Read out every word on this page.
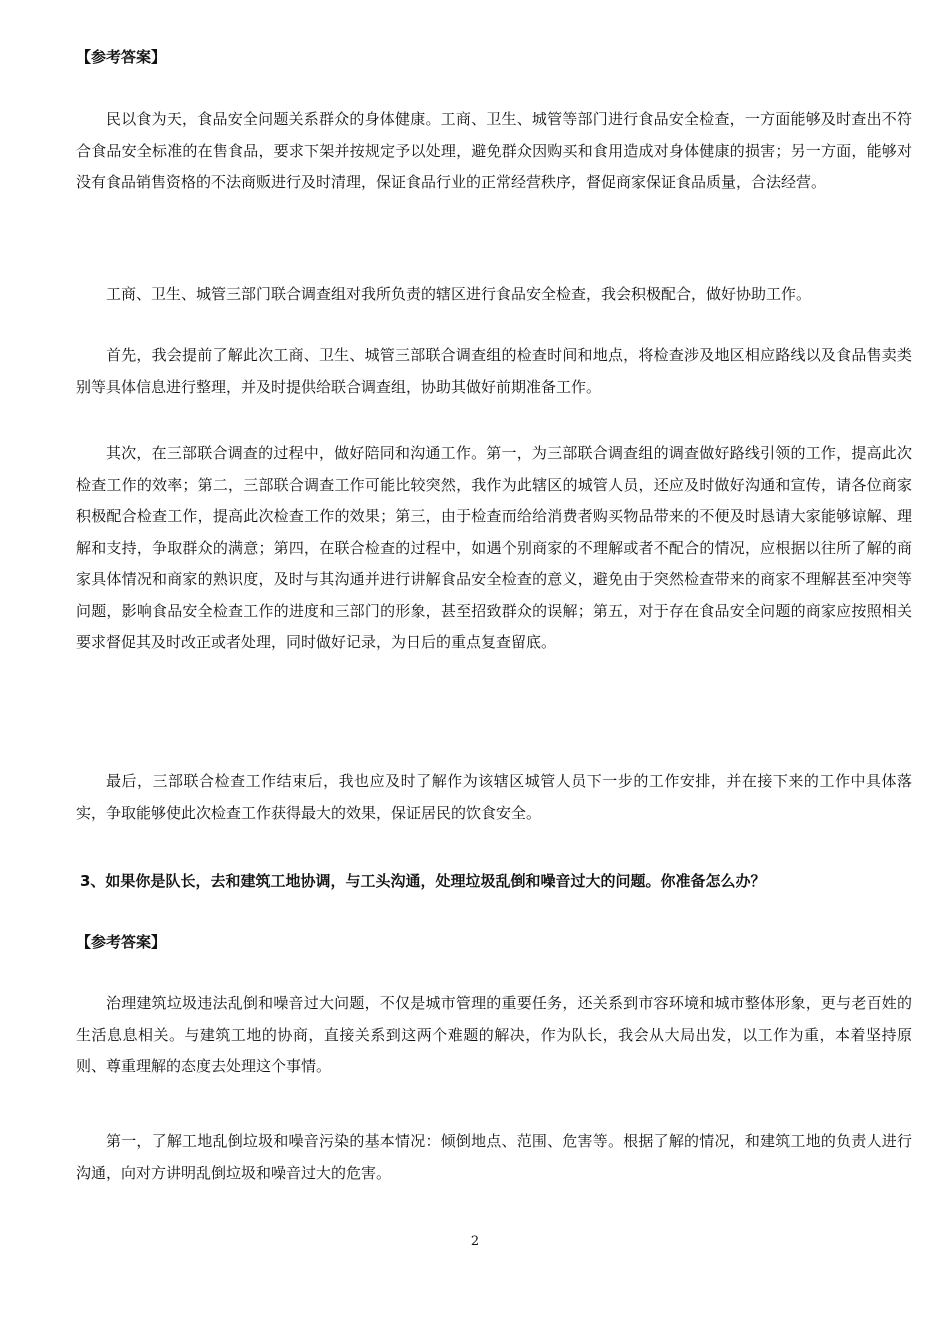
【参考答案】

民以食为天，食品安全问题关系群众的身体健康。工商、卫生、城管等部门进行食品安全检查，一方面能够及时查出不符合食品安全标准的在售食品，要求下架并按规定予以处理，避免群众因购买和食用造成对身体健康的损害；另一方面，能够对没有食品销售资格的不法商贩进行及时清理，保证食品行业的正常经营秩序，督促商家保证食品质量，合法经营。

工商、卫生、城管三部门联合调查组对我所负责的辖区进行食品安全检查，我会积极配合，做好协助工作。

首先，我会提前了解此次工商、卫生、城管三部联合调查组的检查时间和地点，将检查涉及地区相应路线以及食品售卖类别等具体信息进行整理，并及时提供给联合调查组，协助其做好前期准备工作。

其次，在三部联合调查的过程中，做好陪同和沟通工作。第一，为三部联合调查组的调查做好路线引领的工作，提高此次检查工作的效率；第二，三部联合调查工作可能比较突然，我作为此辖区的城管人员，还应及时做好沟通和宣传，请各位商家积极配合检查工作，提高此次检查工作的效果；第三，由于检查而给给消费者购买物品带来的不便及时恳请大家能够谅解、理解和支持，争取群众的满意；第四，在联合检查的过程中，如遇个别商家的不理解或者不配合的情况，应根据以往所了解的商家具体情况和商家的熟识度，及时与其沟通并进行讲解食品安全检查的意义，避免由于突然检查带来的商家不理解甚至冲突等问题，影响食品安全检查工作的进度和三部门的形象，甚至招致群众的误解；第五，对于存在食品安全问题的商家应按照相关要求督促其及时改正或者处理，同时做好记录，为日后的重点复查留底。

最后，三部联合检查工作结束后，我也应及时了解作为该辖区城管人员下一步的工作安排，并在接下来的工作中具体落实，争取能够使此次检查工作获得最大的效果，保证居民的饮食安全。

3、如果你是队长，去和建筑工地协调，与工头沟通，处理垃圾乱倒和噪音过大的问题。你准备怎么办？

【参考答案】

治理建筑垃圾违法乱倒和噪音过大问题，不仅是城市管理的重要任务，还关系到市容环境和城市整体形象，更与老百姓的生活息息相关。与建筑工地的协商，直接关系到这两个难题的解决，作为队长，我会从大局出发，以工作为重，本着坚持原则、尊重理解的态度去处理这个事情。

第一，了解工地乱倒垃圾和噪音污染的基本情况：倾倒地点、范围、危害等。根据了解的情况，和建筑工地的负责人进行沟通，向对方讲明乱倒垃圾和噪音过大的危害。

2
